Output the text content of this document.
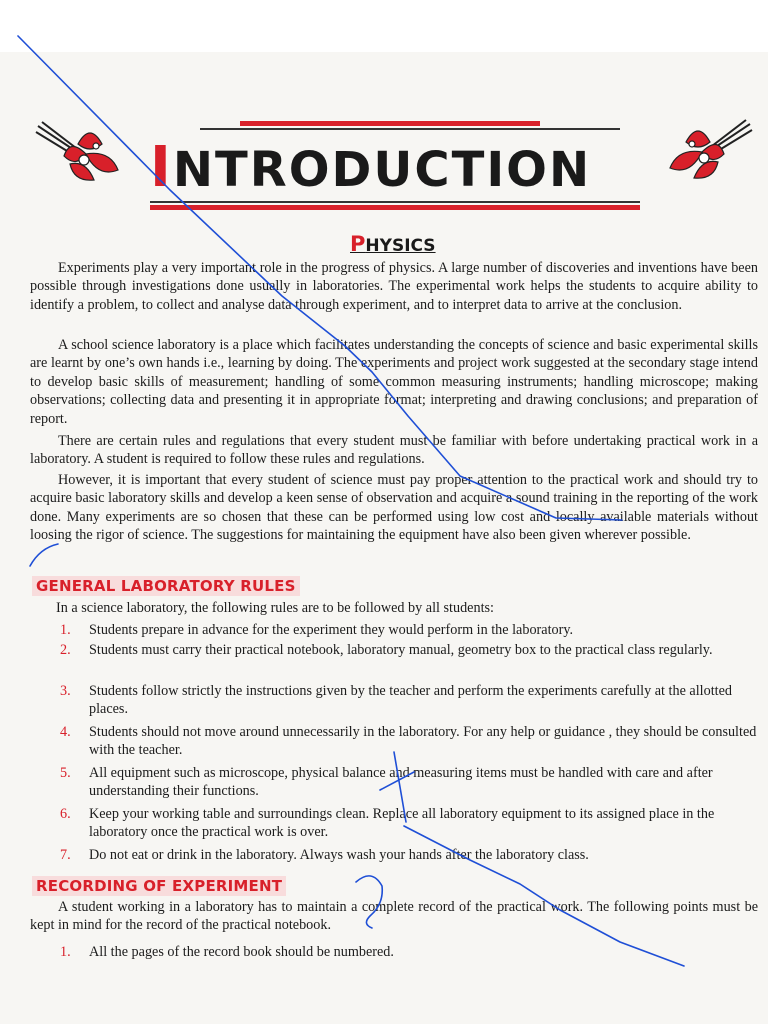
INTRODUCTION
PHYSICS

Experiments play a very important role in the progress of physics. A large number of discoveries and inventions have been possible through investigations done usually in laboratories. The experimental work helps the students to acquire ability to identify a problem, to collect and analyse data through experiment, and to interpret data to arrive at the conclusion.

A school science laboratory is a place which facilitates understanding the concepts of science and basic experimental skills are learnt by one’s own hands i.e., learning by doing. The experiments and project work suggested at the secondary stage intend to develop basic skills of measurement; handling of some common measuring instruments; handling microscope; making observations; collecting data and presenting it in appropriate format; interpreting and drawing conclusions; and preparation of report.

There are certain rules and regulations that every student must be familiar with before undertaking practical work in a laboratory. A student is required to follow these rules and regulations.

However, it is important that every student of science must pay proper attention to the practical work and should try to acquire basic laboratory skills and develop a keen sense of observation and acquire a sound training in the reporting of the work done. Many experiments are so chosen that these can be performed using low cost and locally available materials without loosing the rigor of science. The suggestions for maintaining the equipment have also been given wherever possible.

GENERAL LABORATORY RULES

In a science laboratory, the following rules are to be followed by all students:

1.	Students prepare in advance for the experiment they would perform in the laboratory.
2.	Students must carry their practical notebook, laboratory manual, geometry box to the practical class regularly.
3.	Students follow strictly the instructions given by the teacher and perform the experiments carefully at the allotted places.
4.	Students should not move around unnecessarily in the laboratory. For any help or guidance , they should be consulted with the teacher.
5.	All equipment such as microscope, physical balance and measuring items must be handled with care and after understanding their functions.
6.	Keep your working table and surroundings clean. Replace all laboratory equipment to its assigned place in the laboratory once the practical work is over.
7.	Do not eat or drink in the laboratory. Always wash your hands after the laboratory class.
RECORDING OF EXPERIMENT

A student working in a laboratory has to maintain a complete record of the practical work. The following points must be kept in mind for the record of the practical notebook.

1.	All the pages of the record book should be numbered.
